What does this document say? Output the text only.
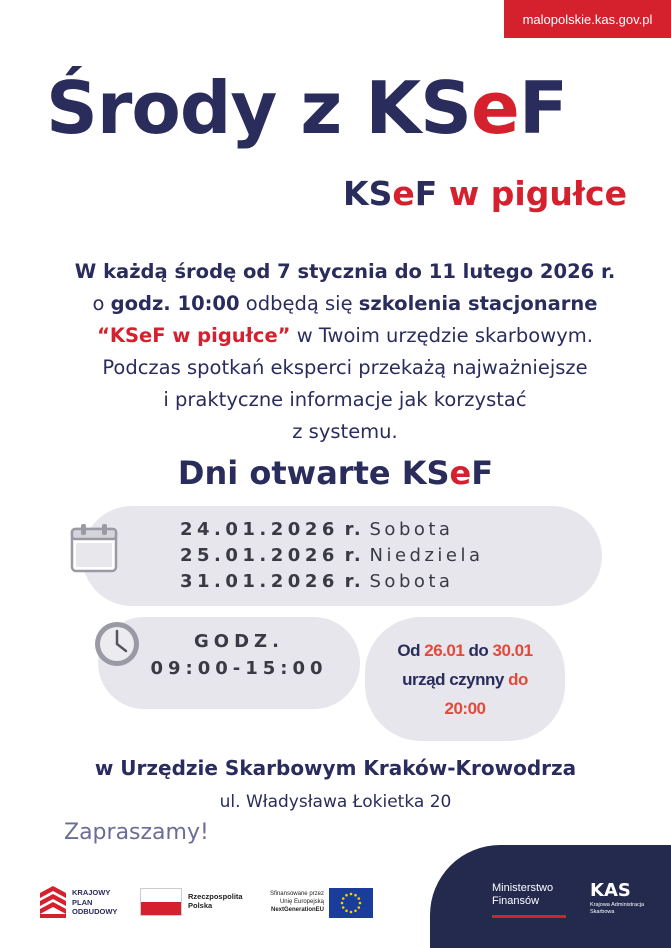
malopolskie.kas.gov.pl
Środy z KSeF
KSeF w pigułce
W każdą środę od 7 stycznia do 11 lutego 2026 r.
o godz. 10:00 odbędą się szkolenia stacjonarne
“KSeF w pigułce” w Twoim urzędzie skarbowym.
Podczas spotkań eksperci przekażą najważniejsze
i praktyczne informacje jak korzystać
z systemu.
Dni otwarte KSeF
24.01.2026 r. Sobota
25.01.2026 r. Niedziela
31.01.2026 r. Sobota
GODZ.
09:00-15:00
Od 26.01 do 30.01
urząd czynny do
20:00
w Urzędzie Skarbowym Kraków-Krowodrza
ul. Władysława Łokietka 20
Zapraszamy!
KRAJOWY
PLAN
ODBUDOWY
Rzeczpospolita
Polska
Sfinansowane przez
Unię Europejską
NextGenerationEU
Ministerstwo
Finansów	KAS
Krajowa Administracja
Skarbowa
